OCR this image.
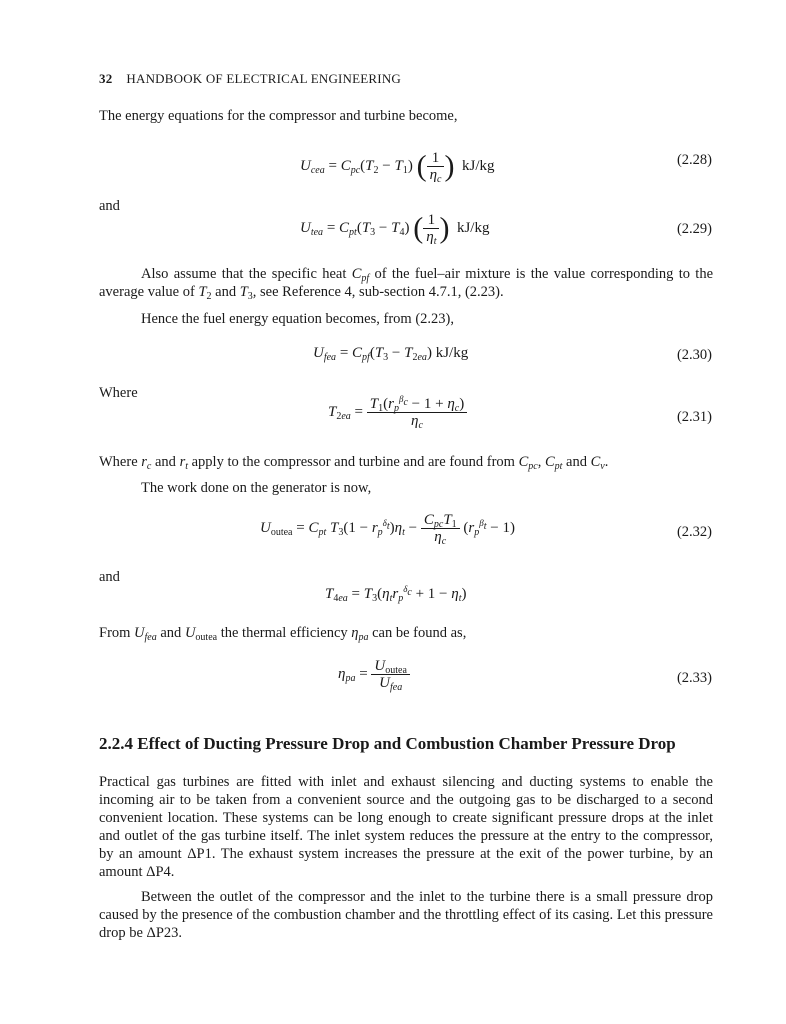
32 HANDBOOK OF ELECTRICAL ENGINEERING
The energy equations for the compressor and turbine become,
$U_{cea} = C_{pc}(T_2 - T_1)$ ( $\frac{1}{\eta_c}$ ) kJ/kg	(2.28)
and
$U_{tea} = C_{pt}(T_3 - T_4)$ ( $\frac{1}{\eta_t}$ ) kJ/kg	(2.29)
Also assume that the specific heat $C_{pf}$ of the fuel–air mixture is the value corresponding to the average value of $T_2$ and $T_3$, see Reference 4, sub-section 4.7.1, (2.23).
Hence the fuel energy equation becomes, from (2.23),
$U_{fea} = C_{pf}(T_3 - T_{2ea})$ kJ/kg	(2.30)
Where
$T_{2ea} = \frac{T_1(r_p^{\beta_c} - 1 + \eta_c)}{\eta_c}$	(2.31)
Where $r_c$ and $r_t$ apply to the compressor and turbine and are found from $C_{pc}$, $C_{pt}$ and $C_v$.
The work done on the generator is now,
$U_{outea} = C_{pt}$ $T_3(1 - r_p^{\delta_t})\eta_t - \frac{C_{pc}T_1}{\eta_c} (r_p^{\beta_t} - 1)$	(2.32)
and
$T_{4ea} = T_3(\eta_tr_p^{\delta_c} + 1 - \eta_t)$
From $U_{fea}$ and $U_{outea}$ the thermal efficiency $\eta_{pa}$ can be found as,
$\eta_{pa} = \frac{U_{outea}}{U_{fea}}$	(2.33)
2.2.4 Effect of Ducting Pressure Drop and Combustion Chamber Pressure Drop
Practical gas turbines are fitted with inlet and exhaust silencing and ducting systems to enable the incoming air to be taken from a convenient source and the outgoing gas to be discharged to a second convenient location. These systems can be long enough to create significant pressure drops at the inlet and outlet of the gas turbine itself. The inlet system reduces the pressure at the entry to the compressor, by an amount ΔP1. The exhaust system increases the pressure at the exit of the power turbine, by an amount ΔP4.
Between the outlet of the compressor and the inlet to the turbine there is a small pressure drop caused by the presence of the combustion chamber and the throttling effect of its casing. Let this pressure drop be ΔP23.
